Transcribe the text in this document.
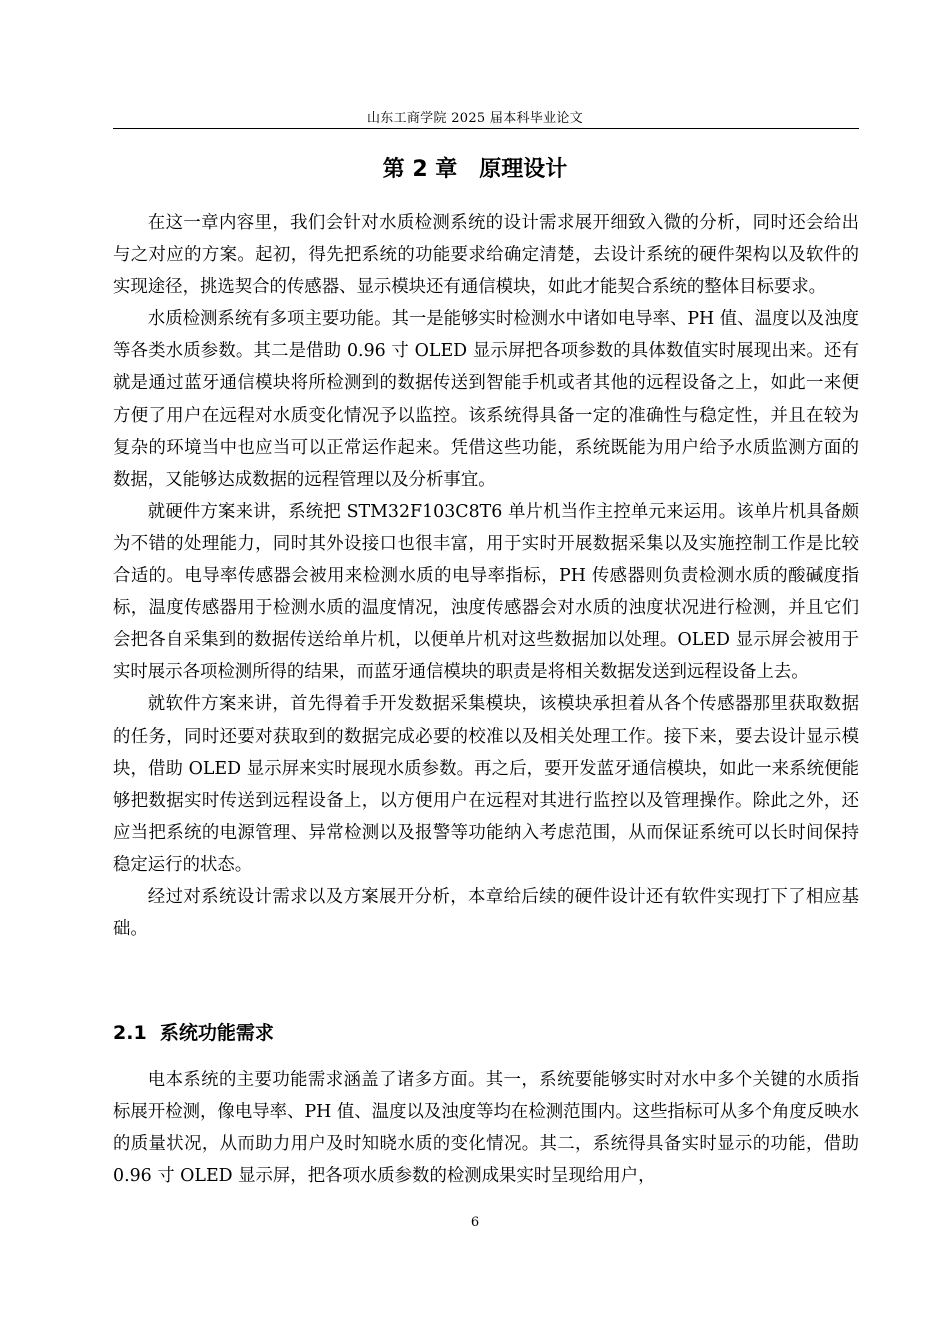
山东工商学院 2025 届本科毕业论文
第 2 章　原理设计

在这一章内容里，我们会针对水质检测系统的设计需求展开细致入微的分析，同时还会给出与之对应的方案。起初，得先把系统的功能要求给确定清楚，去设计系统的硬件架构以及软件的实现途径，挑选契合的传感器、显示模块还有通信模块，如此才能契合系统的整体目标要求。

水质检测系统有多项主要功能。其一是能够实时检测水中诸如电导率、PH 值、温度以及浊度等各类水质参数。其二是借助 0.96 寸 OLED 显示屏把各项参数的具体数值实时展现出来。还有就是通过蓝牙通信模块将所检测到的数据传送到智能手机或者其他的远程设备之上，如此一来便方便了用户在远程对水质变化情况予以监控。该系统得具备一定的准确性与稳定性，并且在较为复杂的环境当中也应当可以正常运作起来。凭借这些功能，系统既能为用户给予水质监测方面的数据，又能够达成数据的远程管理以及分析事宜。

就硬件方案来讲，系统把 STM32F103C8T6 单片机当作主控单元来运用。该单片机具备颇为不错的处理能力，同时其外设接口也很丰富，用于实时开展数据采集以及实施控制工作是比较合适的。电导率传感器会被用来检测水质的电导率指标，PH 传感器则负责检测水质的酸碱度指标，温度传感器用于检测水质的温度情况，浊度传感器会对水质的浊度状况进行检测，并且它们会把各自采集到的数据传送给单片机，以便单片机对这些数据加以处理。OLED 显示屏会被用于实时展示各项检测所得的结果，而蓝牙通信模块的职责是将相关数据发送到远程设备上去。

就软件方案来讲，首先得着手开发数据采集模块，该模块承担着从各个传感器那里获取数据的任务，同时还要对获取到的数据完成必要的校准以及相关处理工作。接下来，要去设计显示模块，借助 OLED 显示屏来实时展现水质参数。再之后，要开发蓝牙通信模块，如此一来系统便能够把数据实时传送到远程设备上，以方便用户在远程对其进行监控以及管理操作。除此之外，还应当把系统的电源管理、异常检测以及报警等功能纳入考虑范围，从而保证系统可以长时间保持稳定运行的状态。

经过对系统设计需求以及方案展开分析，本章给后续的硬件设计还有软件实现打下了相应基础。

2.1  系统功能需求

电本系统的主要功能需求涵盖了诸多方面。其一，系统要能够实时对水中多个关键的水质指标展开检测，像电导率、PH 值、温度以及浊度等均在检测范围内。这些指标可从多个角度反映水的质量状况，从而助力用户及时知晓水质的变化情况。其二，系统得具备实时显示的功能，借助 0.96 寸 OLED 显示屏，把各项水质参数的检测成果实时呈现给用户，

6
